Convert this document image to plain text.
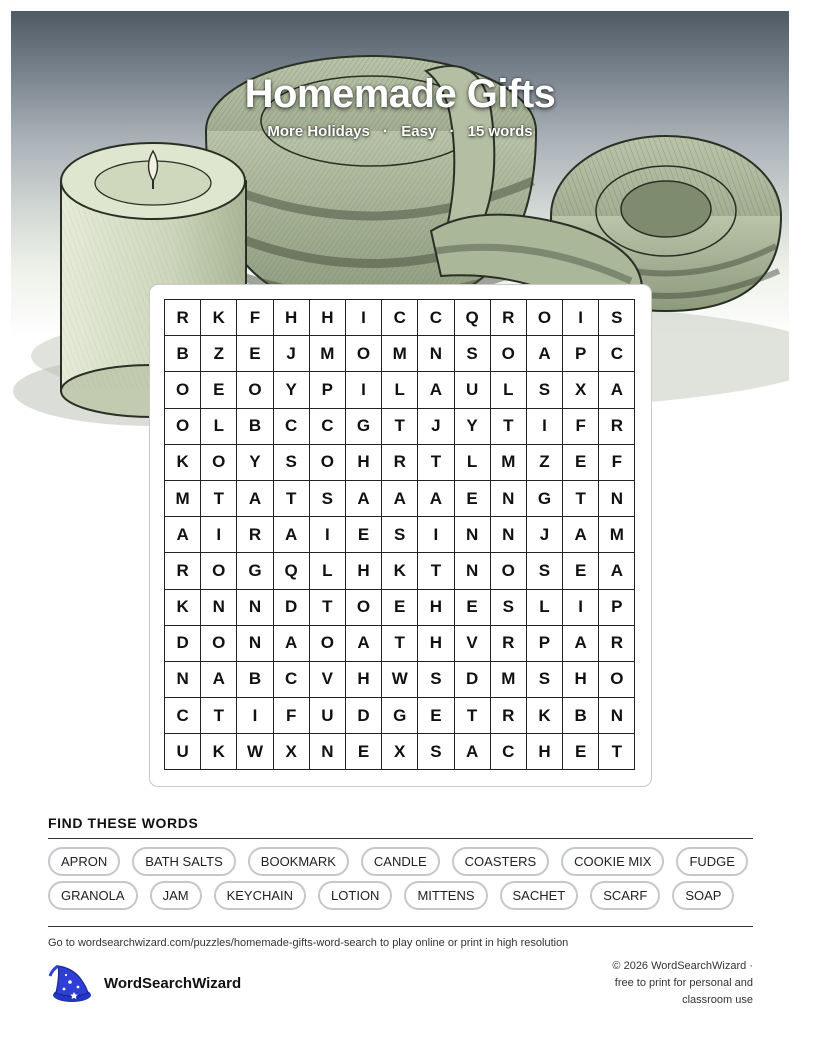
Homemade Gifts
More Holidays · Easy · 15 words
R	K	F	H	H	I	C	C	Q	R	O	I	S
B	Z	E	J	M	O	M	N	S	O	A	P	C
O	E	O	Y	P	I	L	A	U	L	S	X	A
O	L	B	C	C	G	T	J	Y	T	I	F	R
K	O	Y	S	O	H	R	T	L	M	Z	E	F
M	T	A	T	S	A	A	A	E	N	G	T	N
A	I	R	A	I	E	S	I	N	N	J	A	M
R	O	G	Q	L	H	K	T	N	O	S	E	A
K	N	N	D	T	O	E	H	E	S	L	I	P
D	O	N	A	O	A	T	H	V	R	P	A	R
N	A	B	C	V	H	W	S	D	M	S	H	O
C	T	I	F	U	D	G	E	T	R	K	B	N
U	K	W	X	N	E	X	S	A	C	H	E	T
FIND THESE WORDS
APRON	BATH SALTS	BOOKMARK	CANDLE	COASTERS	COOKIE MIX	FUDGE
GRANOLA	JAM	KEYCHAIN	LOTION	MITTENS	SACHET	SCARF	SOAP
Go to wordsearchwizard.com/puzzles/homemade-gifts-word-search to play online or print in high resolution
WordSearchWizard
© 2026 WordSearchWizard ·
free to print for personal and
classroom use
